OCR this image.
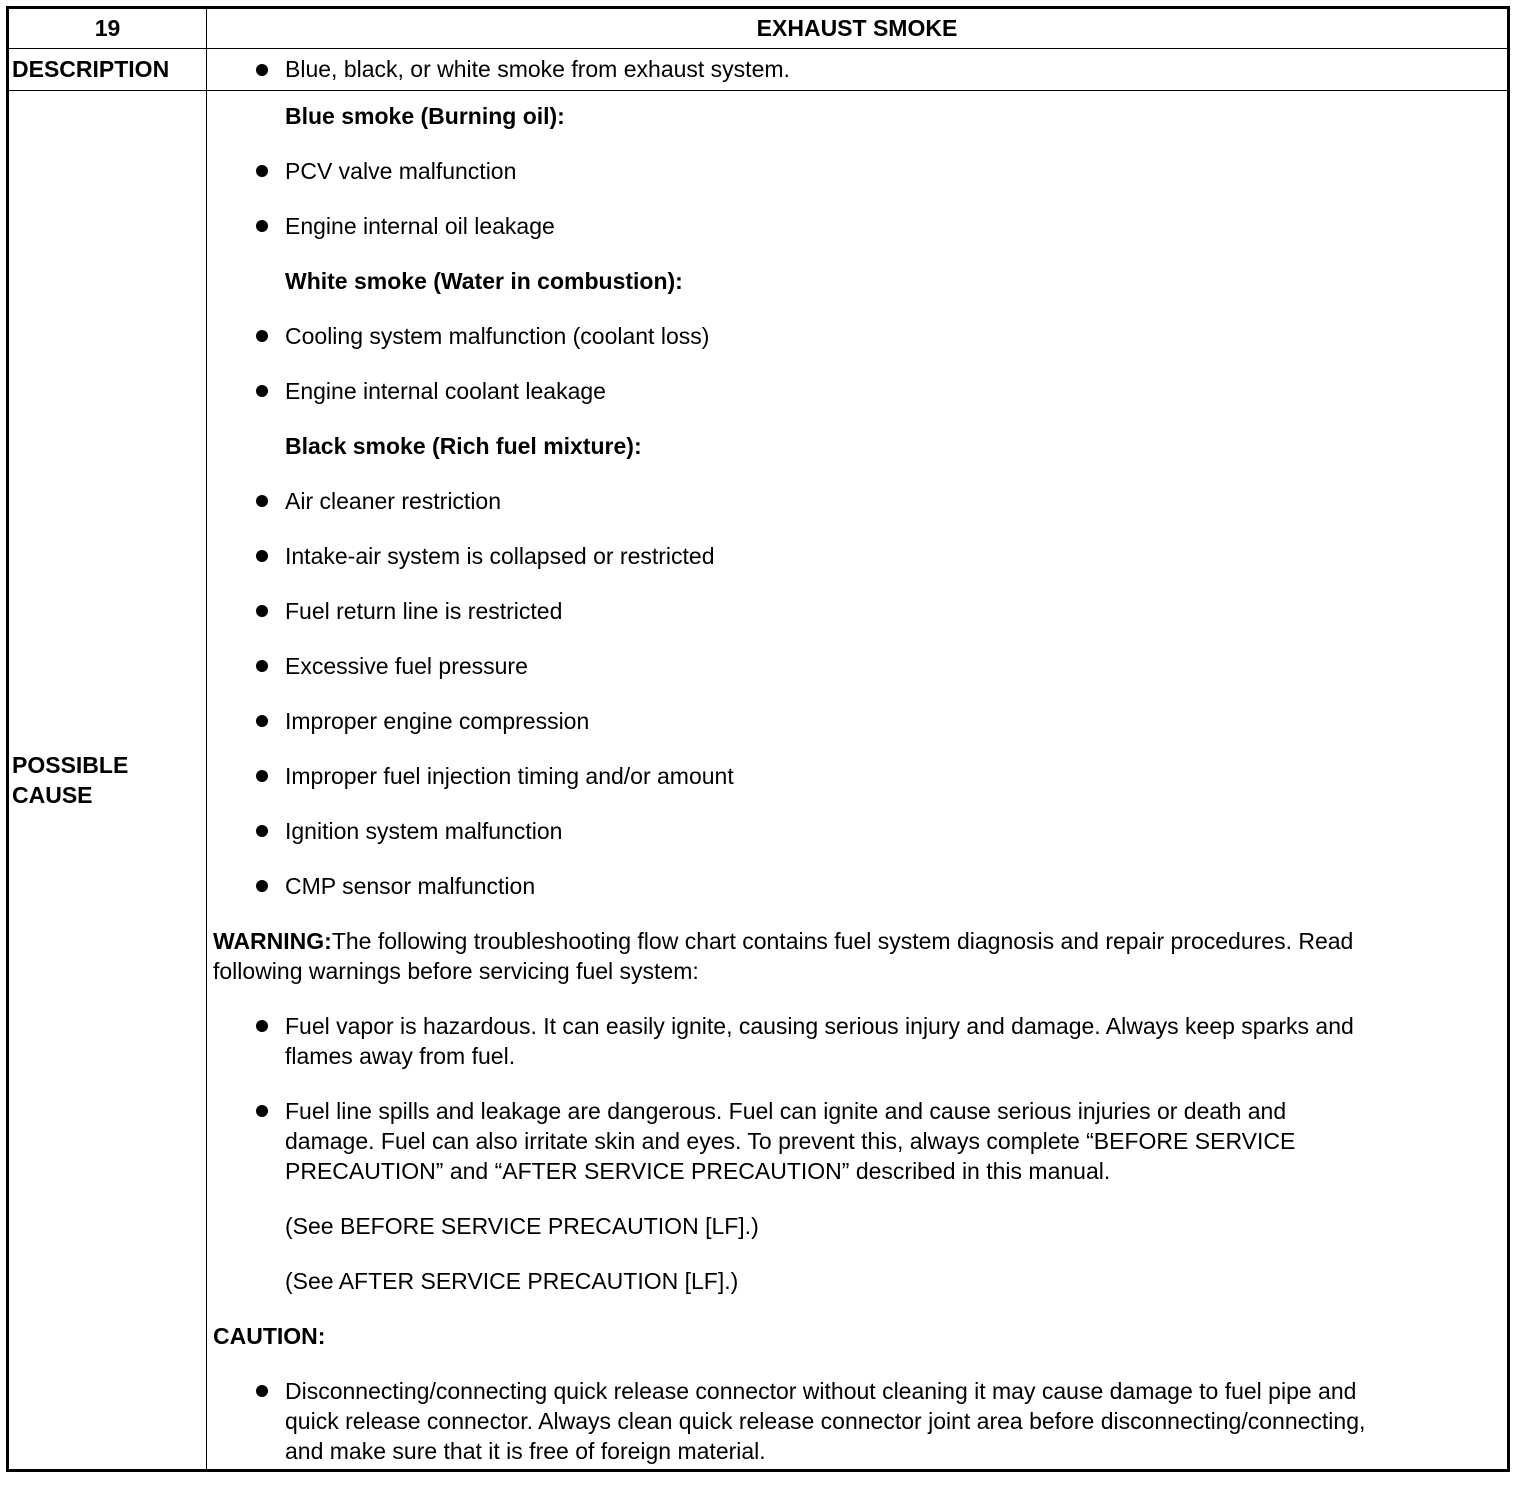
19	EXHAUST SMOKE
DESCRIPTION	Blue, black, or white smoke from exhaust system.
POSSIBLE
CAUSE
Blue smoke (Burning oil):
PCV valve malfunction
Engine internal oil leakage
White smoke (Water in combustion):
Cooling system malfunction (coolant loss)
Engine internal coolant leakage
Black smoke (Rich fuel mixture):
Air cleaner restriction
Intake-air system is collapsed or restricted
Fuel return line is restricted
Excessive fuel pressure
Improper engine compression
Improper fuel injection timing and/or amount
Ignition system malfunction
CMP sensor malfunction
WARNING:The following troubleshooting flow chart contains fuel system diagnosis and repair procedures. Read
following warnings before servicing fuel system:
Fuel vapor is hazardous. It can easily ignite, causing serious injury and damage. Always keep sparks and
flames away from fuel.
Fuel line spills and leakage are dangerous. Fuel can ignite and cause serious injuries or death and
damage. Fuel can also irritate skin and eyes. To prevent this, always complete “BEFORE SERVICE
PRECAUTION” and “AFTER SERVICE PRECAUTION” described in this manual.
(See BEFORE SERVICE PRECAUTION [LF].)
(See AFTER SERVICE PRECAUTION [LF].)
CAUTION:
Disconnecting/connecting quick release connector without cleaning it may cause damage to fuel pipe and
quick release connector. Always clean quick release connector joint area before disconnecting/connecting,
and make sure that it is free of foreign material.
